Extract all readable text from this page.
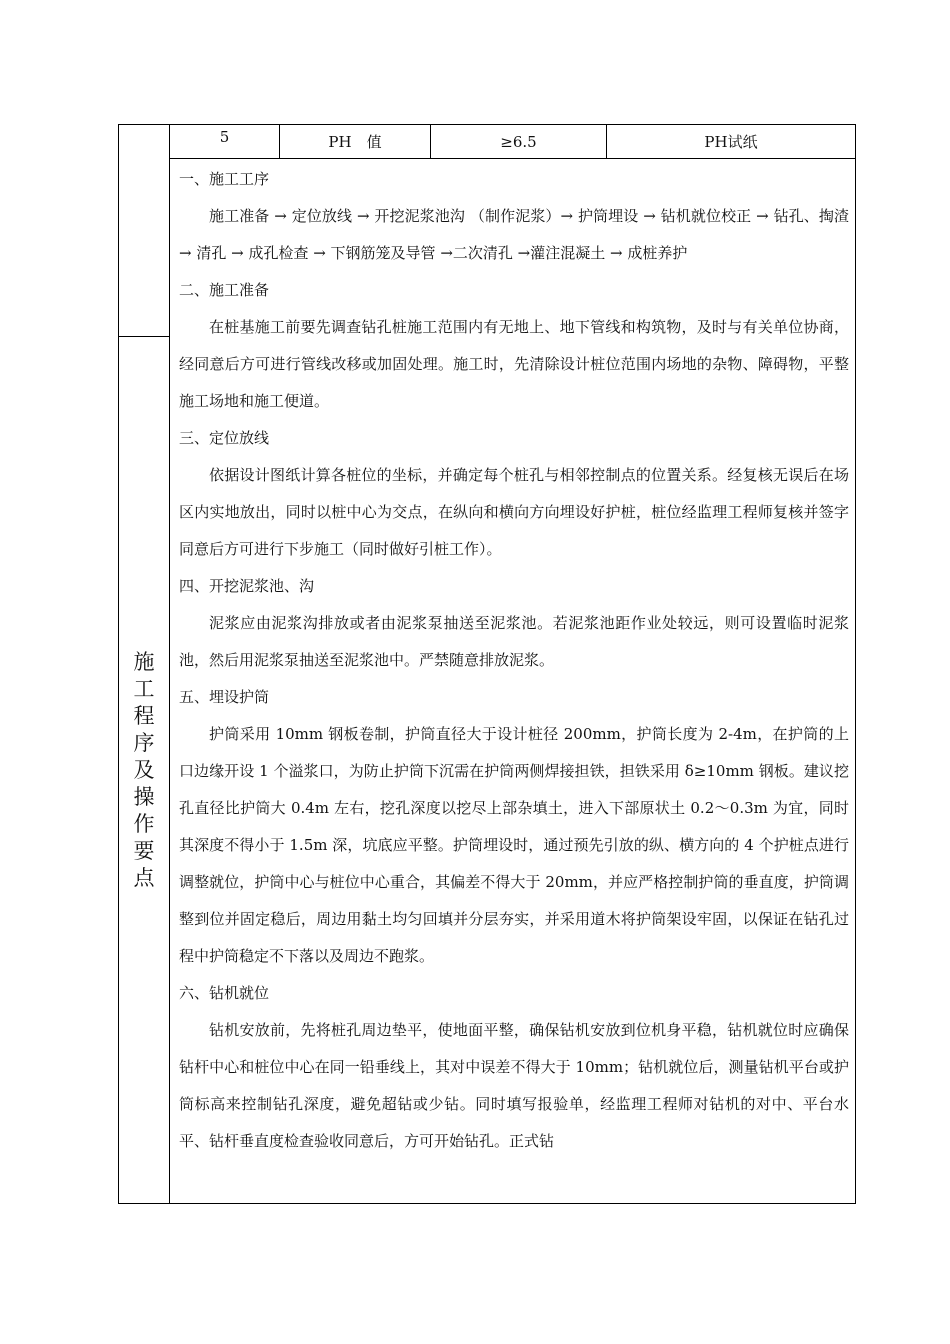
5	PH　值	≥6.5	PH试纸
施
工
程
序
及
操
作
要
点
一、施工工序
施工准备 → 定位放线 → 开挖泥浆池沟 （制作泥浆）→ 护筒埋设 → 钻机就位校正 → 钻孔、掏渣→ 清孔 → 成孔检查 → 下钢筋笼及导管 →二次清孔 →灌注混凝土 → 成桩养护
二、施工准备
在桩基施工前要先调查钻孔桩施工范围内有无地上、地下管线和构筑物，及时与有关单位协商，经同意后方可进行管线改移或加固处理。施工时，先清除设计桩位范围内场地的杂物、障碍物，平整施工场地和施工便道。
三、定位放线
依据设计图纸计算各桩位的坐标，并确定每个桩孔与相邻控制点的位置关系。经复核无误后在场区内实地放出，同时以桩中心为交点，在纵向和横向方向埋设好护桩，桩位经监理工程师复核并签字同意后方可进行下步施工（同时做好引桩工作）。
四、开挖泥浆池、沟
泥浆应由泥浆沟排放或者由泥浆泵抽送至泥浆池。若泥浆池距作业处较远，则可设置临时泥浆池，然后用泥浆泵抽送至泥浆池中。严禁随意排放泥浆。
五、埋设护筒
护筒采用 10mm 钢板卷制，护筒直径大于设计桩径 200mm，护筒长度为 2-4m，在护筒的上口边缘开设 1 个溢浆口，为防止护筒下沉需在护筒两侧焊接担铁，担铁采用 δ≥10mm 钢板。建议挖孔直径比护筒大 0.4m 左右，挖孔深度以挖尽上部杂填土，进入下部原状土 0.2～0.3m 为宜，同时其深度不得小于 1.5m 深，坑底应平整。护筒埋设时，通过预先引放的纵、横方向的 4 个护桩点进行调整就位，护筒中心与桩位中心重合，其偏差不得大于 20mm，并应严格控制护筒的垂直度，护筒调整到位并固定稳后，周边用黏土均匀回填并分层夯实，并采用道木将护筒架设牢固，以保证在钻孔过程中护筒稳定不下落以及周边不跑浆。
六、钻机就位
钻机安放前，先将桩孔周边垫平，使地面平整，确保钻机安放到位机身平稳，钻机就位时应确保钻杆中心和桩位中心在同一铅垂线上，其对中误差不得大于 10mm；钻机就位后，测量钻机平台或护筒标高来控制钻孔深度，避免超钻或少钻。同时填写报验单，经监理工程师对钻机的对中、平台水平、钻杆垂直度检查验收同意后，方可开始钻孔。正式钻
